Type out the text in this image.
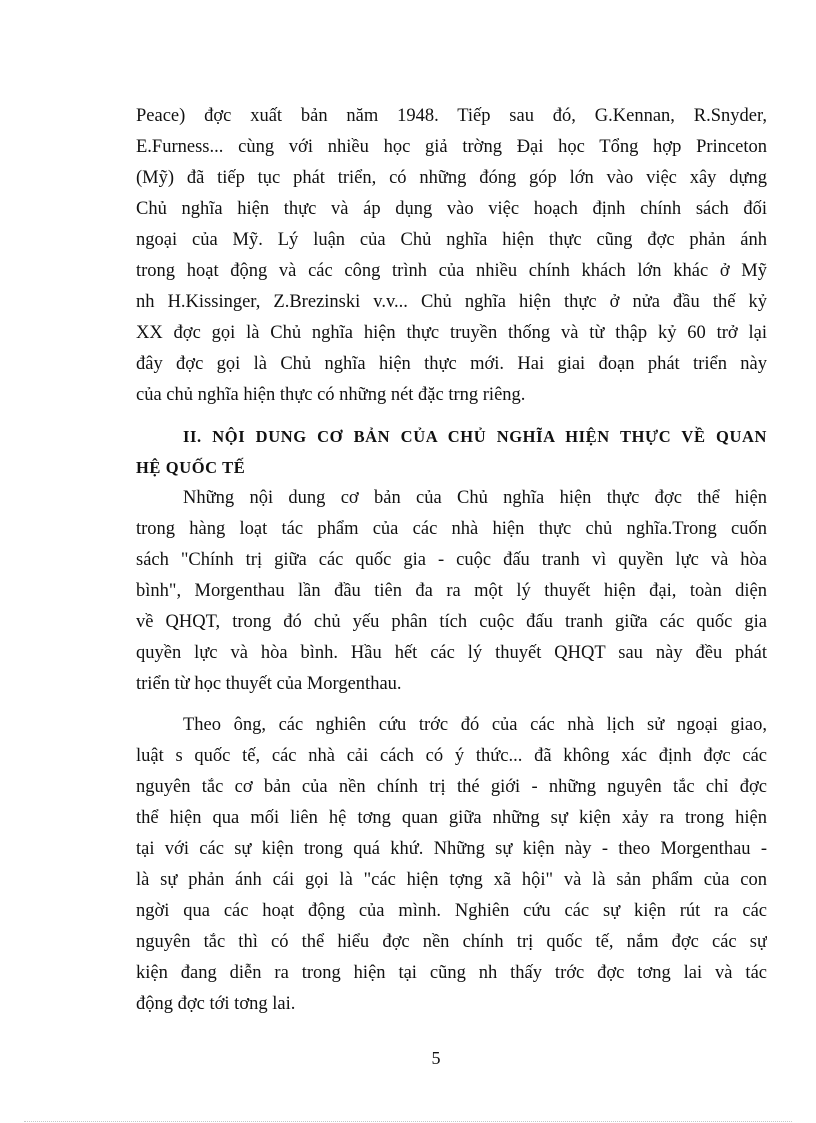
Peace) đợc xuất bản năm 1948. Tiếp sau đó, G.Kennan, R.Snyder,
E.Furness... cùng với nhiều học giả trờng Đại học Tổng hợp Princeton
(Mỹ) đã tiếp tục phát triển, có những đóng góp lớn vào việc xây dựng
Chủ nghĩa hiện thực và áp dụng vào việc hoạch định chính sách đối
ngoại của Mỹ. Lý luận của Chủ nghĩa hiện thực cũng đợc phản ánh
trong hoạt động và các công trình của nhiều chính khách lớn khác ở Mỹ
nh H.Kissinger, Z.Brezinski v.v... Chủ nghĩa hiện thực ở nửa đầu thế kỷ
XX đợc gọi là Chủ nghĩa hiện thực truyền thống và từ thập kỷ 60 trở lại
đây đợc gọi là Chủ nghĩa hiện thực mới. Hai giai đoạn phát triển này
của chủ nghĩa hiện thực có những nét đặc trng riêng.
II. NỘI DUNG CƠ BẢN CỦA CHỦ NGHĨA HIỆN THỰC VỀ QUAN
HỆ QUỐC TẾ
Những nội dung cơ bản của Chủ nghĩa hiện thực đợc thể hiện
trong hàng loạt tác phẩm của các nhà hiện thực chủ nghĩa.Trong cuốn
sách "Chính trị giữa các quốc gia - cuộc đấu tranh vì quyền lực và hòa
bình", Morgenthau lần đầu tiên đa ra một lý thuyết hiện đại, toàn diện
về QHQT, trong đó chủ yếu phân tích cuộc đấu tranh giữa các quốc gia
quyền lực và hòa bình. Hầu hết các lý thuyết QHQT sau này đều phát
triển từ học thuyết của Morgenthau.
Theo ông, các nghiên cứu trớc đó của các nhà lịch sử ngoại giao,
luật s quốc tế, các nhà cải cách có ý thức... đã không xác định đợc các
nguyên tắc cơ bản của nền chính trị thé giới - những nguyên tắc chỉ đợc
thể hiện qua mối liên hệ tơng quan giữa những sự kiện xảy ra trong hiện
tại với các sự kiện trong quá khứ. Những sự kiện này - theo Morgenthau -
là sự phản ánh cái gọi là "các hiện tợng xã hội" và là sản phẩm của con
ngời qua các hoạt động của mình. Nghiên cứu các sự kiện rút ra các
nguyên tắc thì có thể hiểu đợc nền chính trị quốc tế, nắm đợc các sự
kiện đang diễn ra trong hiện tại cũng nh thấy trớc đợc tơng lai và tác
động đợc tới tơng lai.
5
